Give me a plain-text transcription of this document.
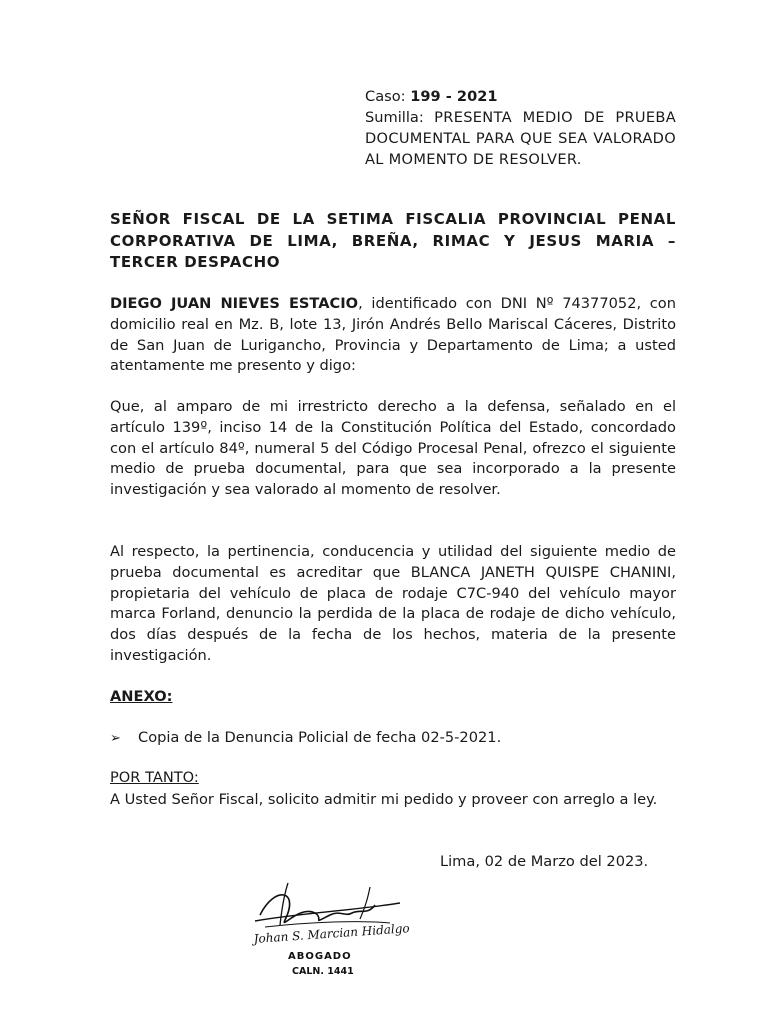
Caso: 199 - 2021
Sumilla: PRESENTA MEDIO DE PRUEBA DOCUMENTAL PARA QUE SEA VALORADO AL MOMENTO DE RESOLVER.
SEÑOR FISCAL DE LA SETIMA FISCALIA PROVINCIAL PENAL CORPORATIVA DE LIMA, BREÑA, RIMAC Y JESUS MARIA – TERCER DESPACHO
DIEGO JUAN NIEVES ESTACIO, identificado con DNI Nº 74377052, con domicilio real en Mz. B, lote 13, Jirón Andrés Bello Mariscal Cáceres, Distrito de San Juan de Lurigancho, Provincia y Departamento de Lima; a usted atentamente me presento y digo:
Que, al amparo de mi irrestricto derecho a la defensa, señalado en el artículo 139º, inciso 14 de la Constitución Política del Estado, concordado con el artículo 84º, numeral 5 del Código Procesal Penal, ofrezco el siguiente medio de prueba documental, para que sea incorporado a la presente investigación y sea valorado al momento de resolver.
Al respecto, la pertinencia, conducencia y utilidad del siguiente medio de prueba documental es acreditar que BLANCA JANETH QUISPE CHANINI, propietaria del vehículo de placa de rodaje C7C-940 del vehículo mayor marca Forland, denuncio la perdida de la placa de rodaje de dicho vehículo, dos días después de la fecha de los hechos, materia de la presente investigación.
ANEXO:
➢ Copia de la Denuncia Policial de fecha 02-5-2021.
POR TANTO:
A Usted Señor Fiscal, solicito admitir mi pedido y proveer con arreglo a ley.
Lima, 02 de Marzo del 2023.
Johan S. Marcian Hidalgo
ABOGADO
CALN. 1441
